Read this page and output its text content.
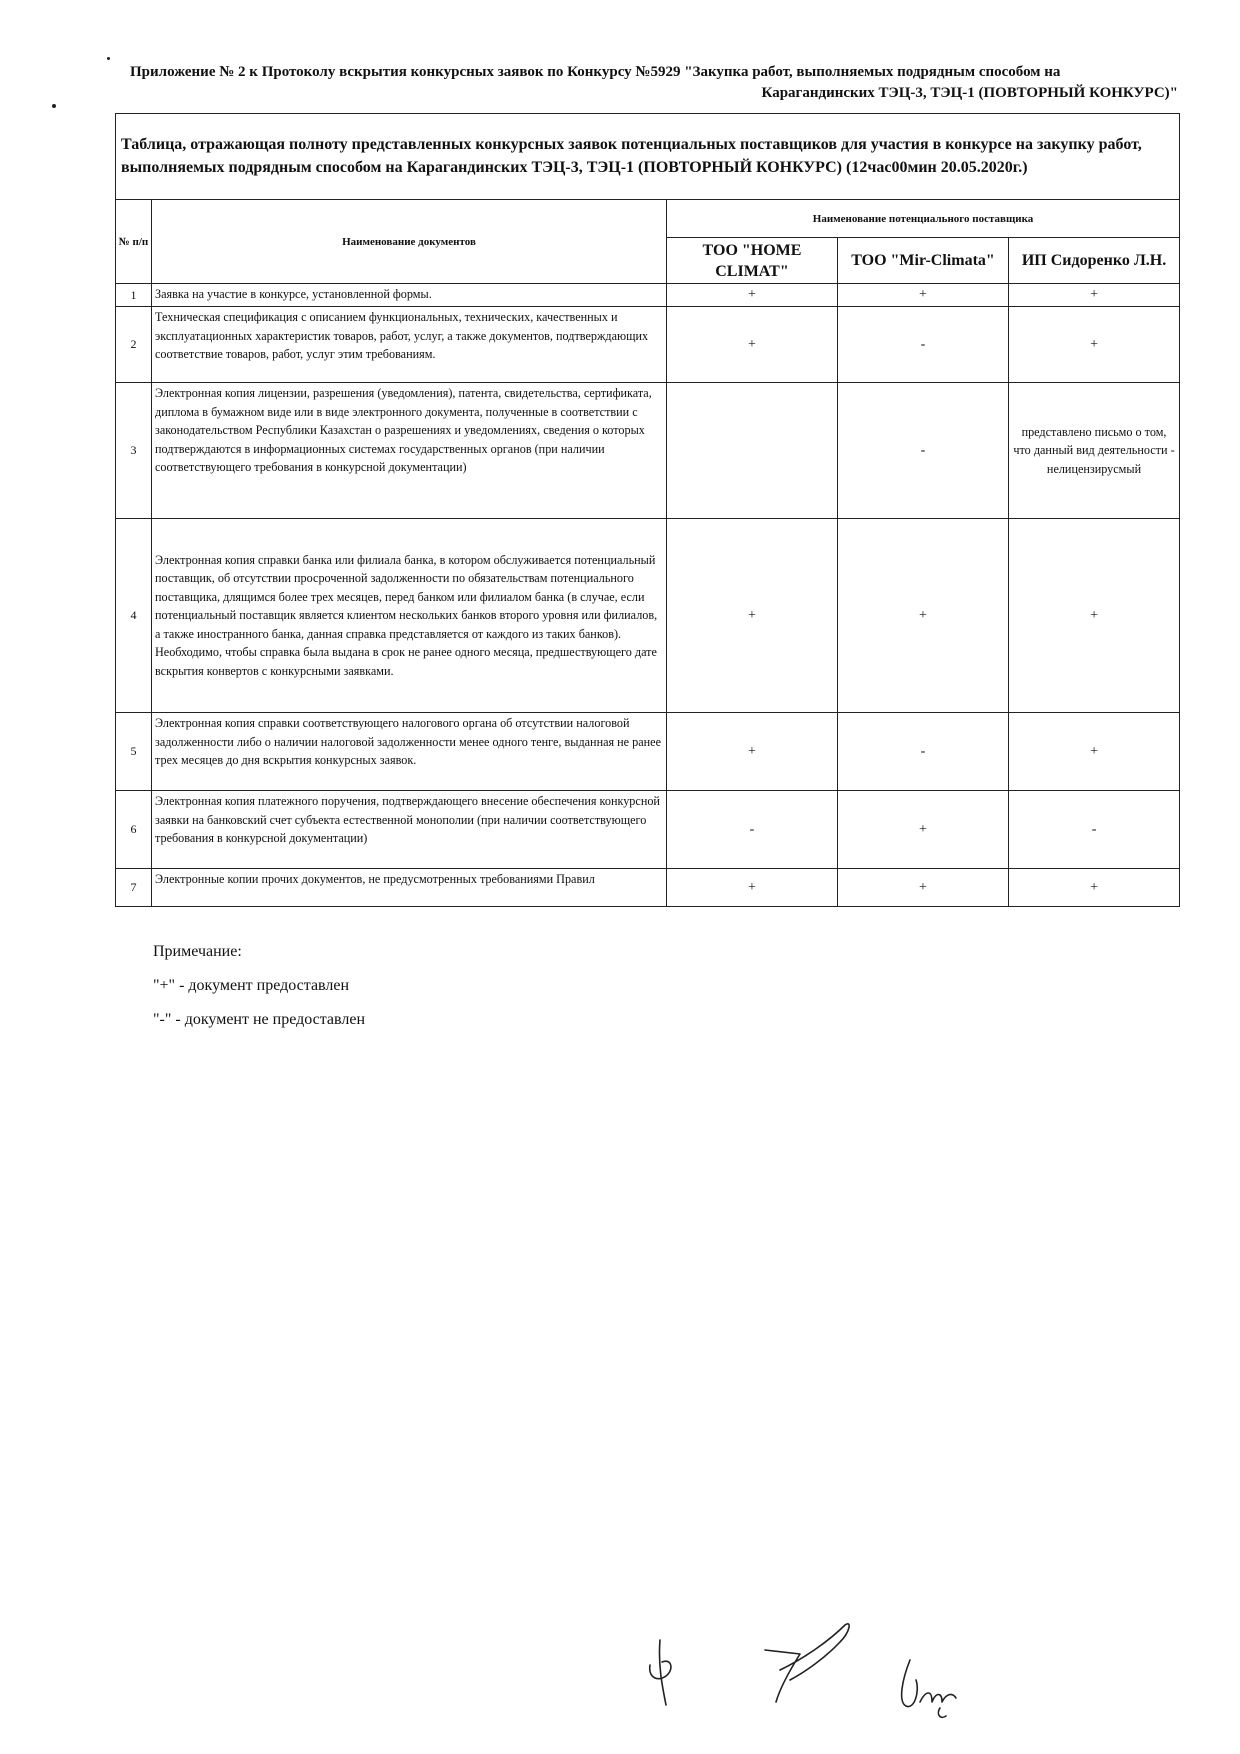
Приложение № 2 к Протоколу вскрытия конкурсных заявок по Конкурсу №5929 "Закупка работ, выполняемых подрядным способом на
Карагандинских ТЭЦ-3, ТЭЦ-1 (ПОВТОРНЫЙ КОНКУРС)"
Таблица, отражающая полноту представленных конкурсных заявок потенциальных поставщиков для участия в конкурсе на закупку работ, выполняемых подрядным способом на Карагандинских ТЭЦ-3, ТЭЦ-1 (ПОВТОРНЫЙ КОНКУРС) (12час00мин 20.05.2020г.)				
№ п/п	Наименование документов	Наименование потенциального поставщика		
		ТОО "HOME CLIMAT"	ТОО "Mir-Climata"	ИП Сидоренко Л.Н.
1	Заявка на участие в конкурсе, установленной формы.	+	+	+
2	Техническая спецификация с описанием функциональных, технических, качественных и эксплуатационных характеристик товаров, работ, услуг, а также документов, подтверждающих соответствие товаров, работ, услуг этим требованиям.	+	-	+
3	Электронная копия лицензии, разрешения (уведомления), патента, свидетельства, сертификата, диплома в бумажном виде или в виде электронного документа, полученные в соответствии с законодательством Республики Казахстан о разрешениях и уведомлениях, сведения о которых подтверждаются в информационных системах государственных органов (при наличии соответствующего требования в конкурсной документации)		-	представлено письмо о том, что данный вид деятельности - нелицензирусмый
4	Электронная копия справки банка или филиала банка, в котором обслуживается потенциальный поставщик, об отсутствии просроченной задолженности по обязательствам потенциального поставщика, длящимся более трех месяцев, перед банком или филиалом банка (в случае, если потенциальный поставщик является клиентом нескольких банков второго уровня или филиалов, а также иностранного банка, данная справка представляется от каждого из таких банков). Необходимо, чтобы справка была выдана в срок не ранее одного месяца, предшествующего дате вскрытия конвертов с конкурсными заявками.	+	+	+
5	Электронная копия справки соответствующего налогового органа об отсутствии налоговой задолженности либо о наличии налоговой задолженности менее одного тенге, выданная не ранее трех месяцев до дня вскрытия конкурсных заявок.	+	-	+
6	Электронная копия платежного поручения, подтверждающего внесение обеспечения конкурсной заявки на банковский счет субъекта естественной монополии (при наличии соответствующего требования в конкурсной документации)	-	+	-
7	Электронные копии прочих документов, не предусмотренных требованиями Правил	+	+	+
Примечание:
"+" - документ предоставлен
"-" - документ не предоставлен
